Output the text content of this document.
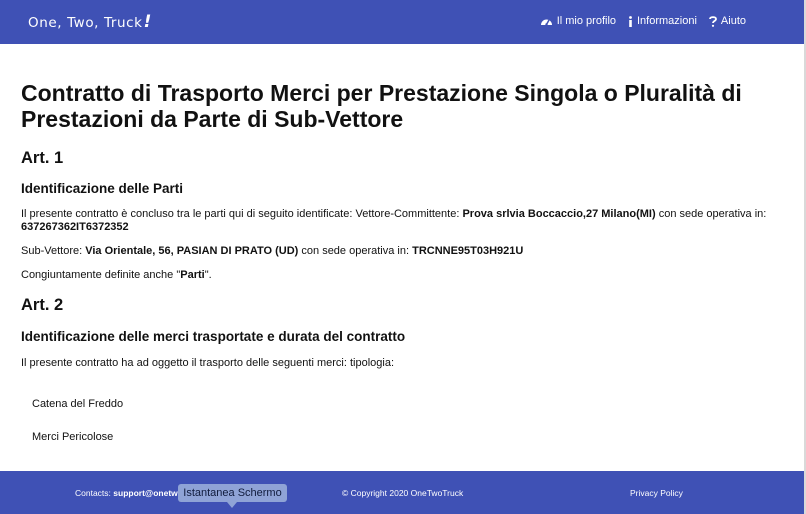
One, Two, Truck!	Il mio profilo Informazioni Aiuto
Contratto di Trasporto Merci per Prestazione Singola o Pluralità di
Prestazioni da Parte di Sub-Vettore
Art. 1
Identificazione delle Parti

Il presente contratto è concluso tra le parti qui di seguito identificate: Vettore-Committente: Prova srlvia Boccaccio,27 Milano(MI) con sede operativa in: 637267362IT6372352

Sub-Vettore: Via Orientale, 56, PASIAN DI PRATO (UD) con sede operativa in: TRCNNE95T03H921U

Congiuntamente definite anche "Parti".

Art. 2
Identificazione delle merci trasportate e durata del contratto

Il presente contratto ha ad oggetto il trasporto delle seguenti merci: tipologia:

Catena del Freddo
Merci Pericolose
Contacts: support@onetw	© Copyright 2020 OneTwoTruck	Privacy Policy
Istantanea Schermo
